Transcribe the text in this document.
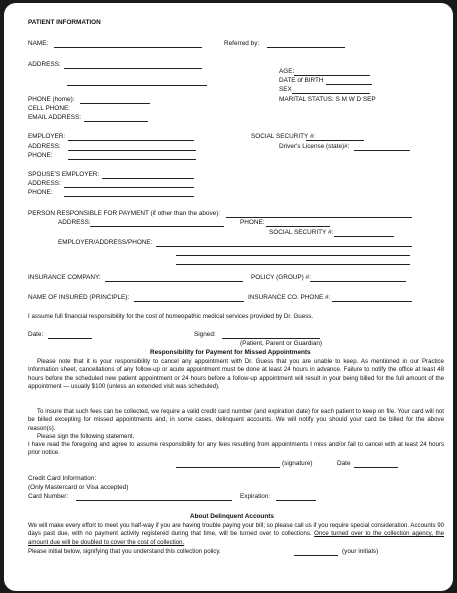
PATIENT INFORMATION
NAME:	Referred by:
ADDRESS:
AGE:
DATE of BIRTH
SEX
MARITAL STATUS: S M W D SEP
PHONE (home):
CELL PHONE:
EMAIL ADDRESS:
EMPLOYER:
ADDRESS:
PHONE:
SOCIAL SECURITY #:
Driver's License (state)#:
SPOUSE'S EMPLOYER:
ADDRESS:
PHONE:
PERSON RESPONSIBLE FOR PAYMENT (if other than the above):
ADDRESS:	PHONE:
SOCIAL SECURITY #:
EMPLOYER/ADDRESS/PHONE:
INSURANCE COMPANY:	POLICY (GROUP) #:
NAME OF INSURED (PRINCIPLE):	INSURANCE CO. PHONE #:
I assume full financial responsibility for the cost of homeopathic medical services provided by Dr. Guess.
Date:	Signed:
(Patient, Parent or Guardian)
Responsibility for Payment for Missed Appointments
Please note that it is your responsibility to cancel any appointment with Dr. Guess that you are unable to keep. As mentioned in our Practice Information sheet, cancellations of any follow-up or acute appointment must be done at least 24 hours in advance. Failure to notify the office at least 48 hours before the scheduled new patient appointment or 24 hours before a follow-up appointment will result in your being billed for the full amount of the appointment — usually $100 (unless an extended visit was scheduled).
To insure that such fees can be collected, we require a valid credit card number (and expiration date) for each patient to keep on file. Your card will not be billed excepting for missed appointments and, in some cases, delinquent accounts. We will notify you should your card be billed for the above reason(s).
Please sign the following statement.
I have read the foregoing and agree to assume responsibility for any fees resulting from appointments I miss and/or fail to cancel with at least 24 hours prior notice.
(signature)	Date
Credit Card Information:
(Only Mastercard or Visa accepted)
Card Number:	Expiration:
About Delinquent Accounts
We will make every effort to meet you half-way if you are having trouble paying your bill; so please call us if you require special consideration. Accounts 90 days past due, with no payment activity registered during that time, will be turned over to collections. Once turned over to the collection agency, the amount due will be doubled to cover the cost of collection.
Please initial below, signifying that you understand this collection policy.	(your initials)
